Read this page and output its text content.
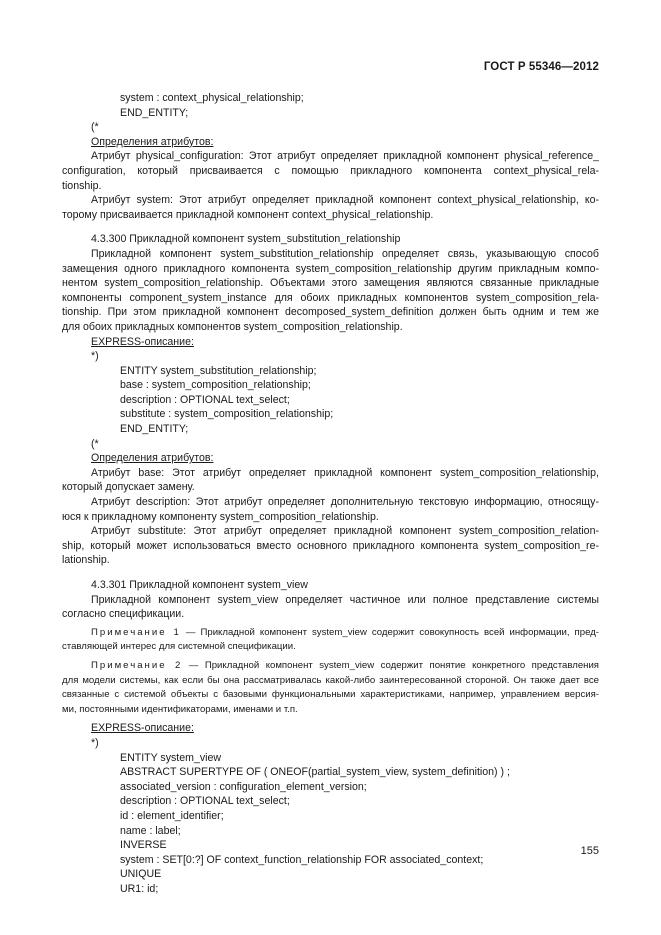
ГОСТ Р 55346—2012
system : context_physical_relationship;
END_ENTITY;
(*
Определения атрибутов:
Атрибут physical_configuration: Этот атрибут определяет прикладной компонент physical_reference_
configuration, который присваивается с помощью прикладного компонента context_physical_rela-
tionship.
Атрибут system: Этот атрибут определяет прикладной компонент context_physical_relationship, ко-
торому присваивается прикладной компонент context_physical_relationship.
4.3.300 Прикладной компонент system_substitution_relationship
Прикладной компонент system_substitution_relationship определяет связь, указывающую способ
замещения одного прикладного компонента system_composition_relationship другим прикладным компо-
нентом system_composition_relationship. Объектами этого замещения являются связанные прикладные
компоненты component_system_instance для обоих прикладных компонентов system_composition_rela-
tionship. При этом прикладной компонент decomposed_system_definition должен быть одним и тем же
для обоих прикладных компонентов system_composition_relationship.
EXPRESS-описание:
*)
ENTITY system_substitution_relationship;
base : system_composition_relationship;
description : OPTIONAL text_select;
substitute : system_composition_relationship;
END_ENTITY;
(*
Определения атрибутов:
Атрибут base: Этот атрибут определяет прикладной компонент system_composition_relationship,
который допускает замену.
Атрибут description: Этот атрибут определяет дополнительную текстовую информацию, относящу-
юся к прикладному компоненту system_composition_relationship.
Атрибут substitute: Этот атрибут определяет прикладной компонент system_composition_relation-
ship, который может использоваться вместо основного прикладного компонента system_composition_re-
lationship.
4.3.301 Прикладной компонент system_view
Прикладной компонент system_view определяет частичное или полное представление системы
согласно спецификации.
Примечание 1 — Прикладной компонент system_view содержит совокупность всей информации, пред-
ставляющей интерес для системной спецификации.
Примечание 2 — Прикладной компонент system_view содержит понятие конкретного представления
для модели системы, как если бы она рассматривалась какой-либо заинтересованной стороной. Он также дает все
связанные с системой объекты с базовыми функциональными характеристиками, например, управлением версия-
ми, постоянными идентификаторами, именами и т.п.
EXPRESS-описание:
*)
ENTITY system_view
ABSTRACT SUPERTYPE OF ( ONEOF(partial_system_view, system_definition) ) ;
associated_version : configuration_element_version;
description : OPTIONAL text_select;
id : element_identifier;
name : label;
INVERSE
system : SET[0:?] OF context_function_relationship FOR associated_context;
UNIQUE
UR1: id;
155
